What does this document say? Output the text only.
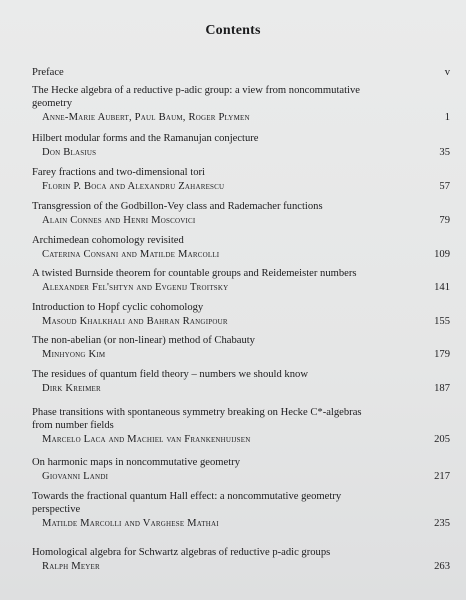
Contents
Preface	v
The Hecke algebra of a reductive p-adic group: a view from noncommutative
geometry
Anne-Marie Aubert, Paul Baum, Roger Plymen	1
Hilbert modular forms and the Ramanujan conjecture
Don Blasius	35
Farey fractions and two-dimensional tori
Florin P. Boca and Alexandru Zaharescu	57
Transgression of the Godbillon-Vey class and Rademacher functions
Alain Connes and Henri Moscovici	79
Archimedean cohomology revisited
Caterina Consani and Matilde Marcolli	109
A twisted Burnside theorem for countable groups and Reidemeister numbers
Alexander Fel'shtyn and Evgenij Troitsky	141
Introduction to Hopf cyclic cohomology
Masoud Khalkhali and Bahran Rangipour	155
The non-abelian (or non-linear) method of Chabauty
Minhyong Kim	179
The residues of quantum field theory – numbers we should know
Dirk Kreimer	187
Phase transitions with spontaneous symmetry breaking on Hecke C*-algebras
from number fields
Marcelo Laca and Machiel van Frankenhuijsen	205
On harmonic maps in noncommutative geometry
Giovanni Landi	217
Towards the fractional quantum Hall effect: a noncommutative geometry
perspective
Matilde Marcolli and Varghese Mathai	235
Homological algebra for Schwartz algebras of reductive p-adic groups
Ralph Meyer	263
